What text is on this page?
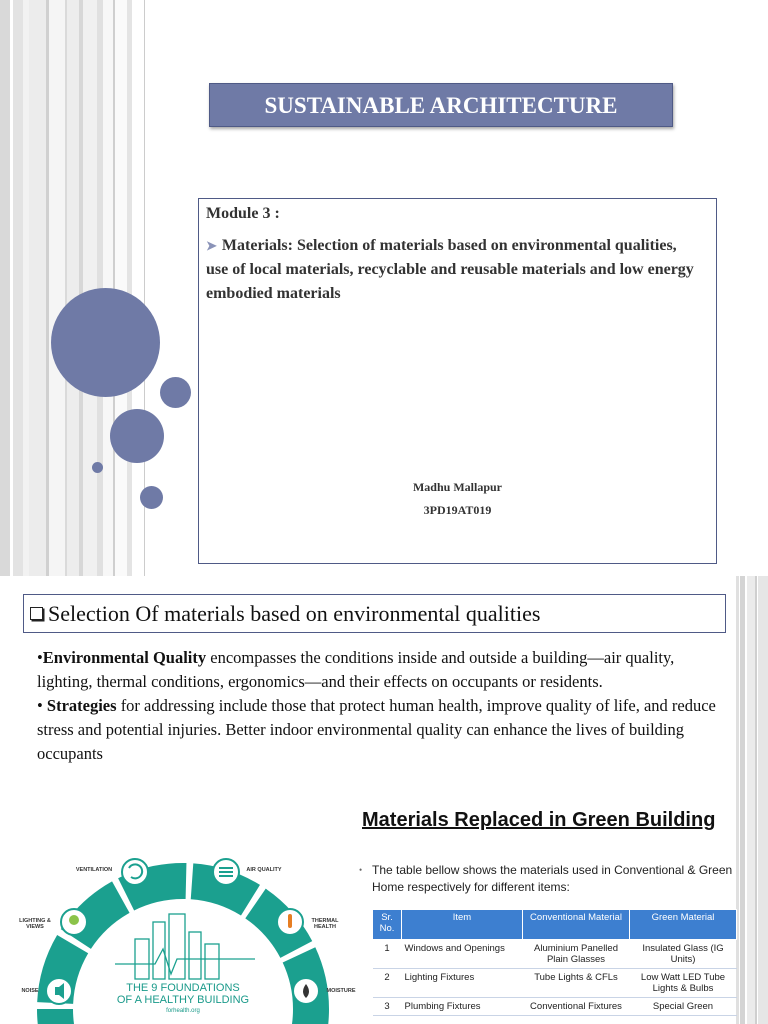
SUSTAINABLE ARCHITECTURE
Module 3 :
➤ Materials: Selection of materials based on environmental qualities, use of local materials, recyclable and reusable materials and low energy embodied materials
Madhu Mallapur
3PD19AT019
Selection Of materials based on environmental qualities
•Environmental Quality encompasses the conditions inside and outside a building—air quality, lighting, thermal conditions, ergonomics—and their effects on occupants or residents.
• Strategies for addressing include those that protect human health, improve quality of life, and reduce stress and potential injuries. Better indoor environmental quality can enhance the lives of building occupants
VENTILATION	AIR QUALITY
LIGHTING & VIEWS
THERMAL HEALTH
NOISE	MOISTURE
THE 9 FOUNDATIONS
OF A HEALTHY BUILDING
forhealth.org
Materials Replaced in Green Building
• The table bellow shows the materials used in Conventional & Green Home respectively for different items:
Sr. No.	Item	Conventional Material	Green Material
1	Windows and Openings	Aluminium Panelled Plain Glasses	Insulated Glass (IG Units)
2	Lighting Fixtures	Tube Lights & CFLs	Low Watt LED Tube Lights & Bulbs
3	Plumbing Fixtures	Conventional Fixtures	Special Green
